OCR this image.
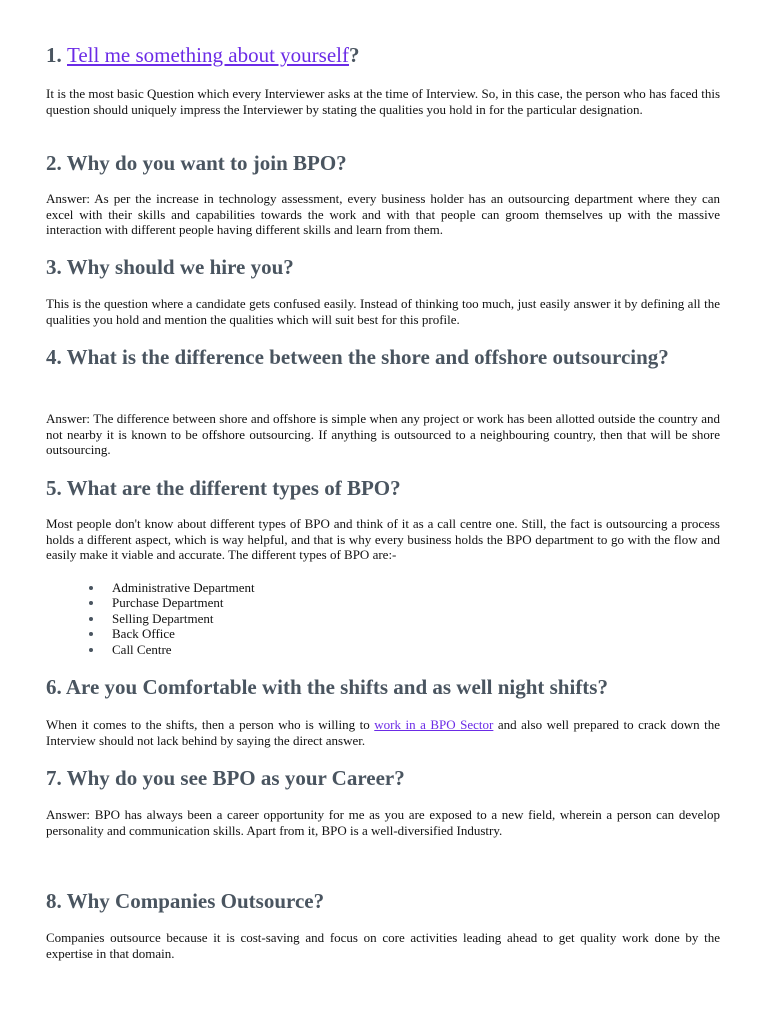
1. Tell me something about yourself?

It is the most basic Question which every Interviewer asks at the time of Interview. So, in this case, the person who has faced this question should uniquely impress the Interviewer by stating the qualities you hold in for the particular designation.

2. Why do you want to join BPO?

Answer: As per the increase in technology assessment, every business holder has an outsourcing department where they can excel with their skills and capabilities towards the work and with that people can groom themselves up with the massive interaction with different people having different skills and learn from them.

3. Why should we hire you?

This is the question where a candidate gets confused easily. Instead of thinking too much, just easily answer it by defining all the qualities you hold and mention the qualities which will suit best for this profile.

4. What is the difference between the shore and offshore outsourcing?

Answer: The difference between shore and offshore is simple when any project or work has been allotted outside the country and not nearby it is known to be offshore outsourcing. If anything is outsourced to a neighbouring country, then that will be shore outsourcing.

5. What are the different types of BPO?

Most people don't know about different types of BPO and think of it as a call centre one. Still, the fact is outsourcing a process holds a different aspect, which is way helpful, and that is why every business holds the BPO department to go with the flow and easily make it viable and accurate. The different types of BPO are:-

Administrative Department
Purchase Department
Selling Department
Back Office
Call Centre
6. Are you Comfortable with the shifts and as well night shifts?

When it comes to the shifts, then a person who is willing to work in a BPO Sector and also well prepared to crack down the Interview should not lack behind by saying the direct answer.

7. Why do you see BPO as your Career?

Answer: BPO has always been a career opportunity for me as you are exposed to a new field, wherein a person can develop personality and communication skills. Apart from it, BPO is a well-diversified Industry.

8. Why Companies Outsource?

Companies outsource because it is cost-saving and focus on core activities leading ahead to get quality work done by the expertise in that domain.
